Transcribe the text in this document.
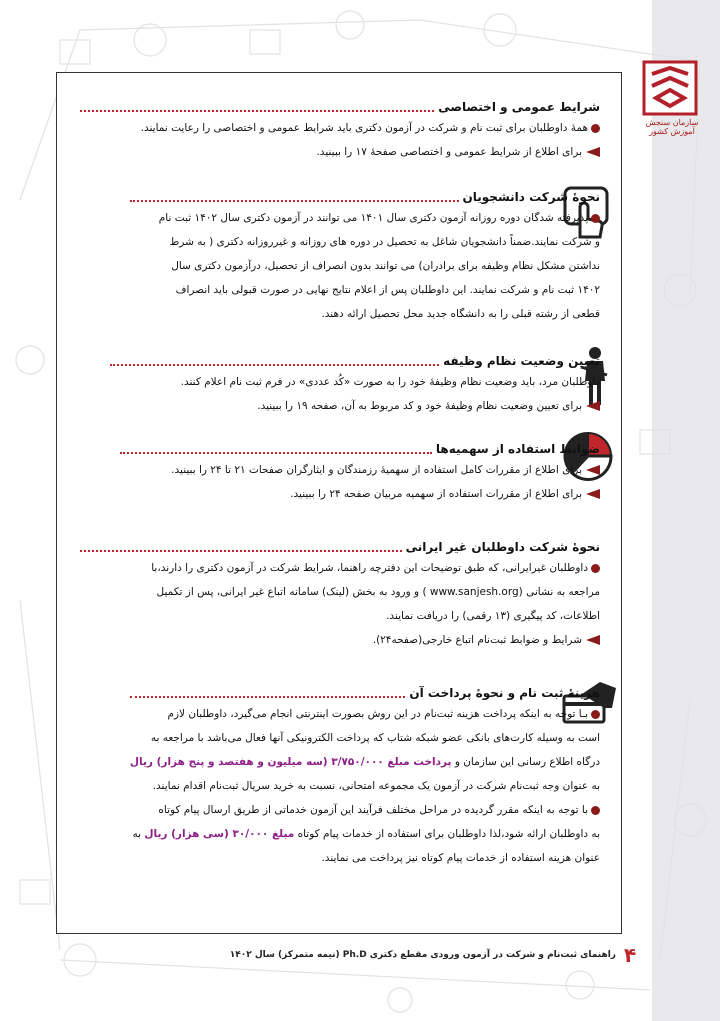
سازمان سنجش آموزش کشور
شرایط عمومی و اختصاصی
همهٔ داوطلبان برای ثبت نام و شرکت در آزمون دکتری باید شرایط عمومی و اختصاصی را رعایت نمایند.
برای اطلاع از شرایط عمومی و اختصاصی صفحهٔ ۱۷ را ببینید.
نحوهٔ شرکت دانشجویان
پذیرفته شدگان دوره روزانه آزمون دکتری سال ۱۴۰۱ می توانند در آزمون دکتری سال ۱۴۰۲ ثبت نام
و شرکت نمایند.ضمناً دانشجویان شاغل به تحصیل در دوره های روزانه و غیرروزانه دکتری ( به شرط
نداشتن مشکل نظام وظیفه برای برادران) می توانند بدون انصراف از تحصیل، درآزمون دکتری سال
۱۴۰۲ ثبت نام و شرکت نمایند. این داوطلبان پس از اعلام نتایج نهایی در صورت قبولی باید انصراف
قطعی از رشته قبلی را به دانشگاه جدید محل تحصیل ارائه دهند.
تعیین وضعیت نظام وظیفه
داوطلبان مرد، باید وضعیت نظام وظیفهٔ خود را به صورت «کُد عددی» در فرم ثبت نام اعلام کنند.
برای تعیین وضعیت نظام وظیفهٔ خود و کد مربوط به آن، صفحه ۱۹ را ببینید.
ضوابط استفاده از سهمیه‌ها
برای اطلاع از مقررات کامل استفاده از سهمیهٔ رزمندگان و ایثارگران صفحات ۲۱ تا ۲۴ را ببینید.
برای اطلاع از مقررات استفاده از سهمیه مربیان صفحه ۲۴ را ببینید.
نحوهٔ شرکت داوطلبان غیر ایرانی
داوطلبان غیرایرانی، که طبق توضیحات این دفترچه راهنما، شرایط شرکت در آزمون دکتری را دارند،با
مراجعه به نشانی (www.sanjesh.org ) و ورود به بخش (لینک) سامانه اتباع غیر ایرانی، پس از تکمیل
اطلاعات، کد پیگیری (۱۳ رقمی) را دریافت نمایند.
شرایط و ضوابط ثبت‌نام اتباع خارجی(صفحه۲۴).
هزینهٔ ثبت نام و نحوهٔ پرداخت آن
بـا توجه به اینکه پرداخت هزینه ثبت‌نام در این روش بصورت اینترنتی انجام می‌گیرد، داوطلبان لازم
است به وسیله کارت‌های بانکی عضو شبکه شتاب که پرداخت الکترونیکی آنها فعال می‌باشد با مراجعه به
درگاه اطلاع رسانی این سازمان و پرداخت مبلغ ۳/۷۵۰/۰۰۰ (سه میلیون و هفتصد و پنج هزار) ریال
به عنوان وجه ثبت‌نام شرکت در آزمون یک مجموعه امتحانی، نسبت به خرید سریال ثبت‌نام اقدام نمایند.
با توجه به اینکه مقرر گردیده در مراحل مختلف فرآیند این آزمون خدماتی از طریق ارسال پیام کوتاه
به داوطلبان ارائه شود،لذا داوطلبان برای استفاده از خدمات پیام کوتاه مبلغ ۳۰/۰۰۰ (سی هزار) ریال به
عنوان هزینه استفاده از خدمات پیام کوتاه نیز پرداخت می نمایند.
۴
راهنمای ثبت‌نام و شرکت در آزمون ورودی مقطع دکتری Ph.D (نیمه متمرکز) سال ۱۴۰۲
